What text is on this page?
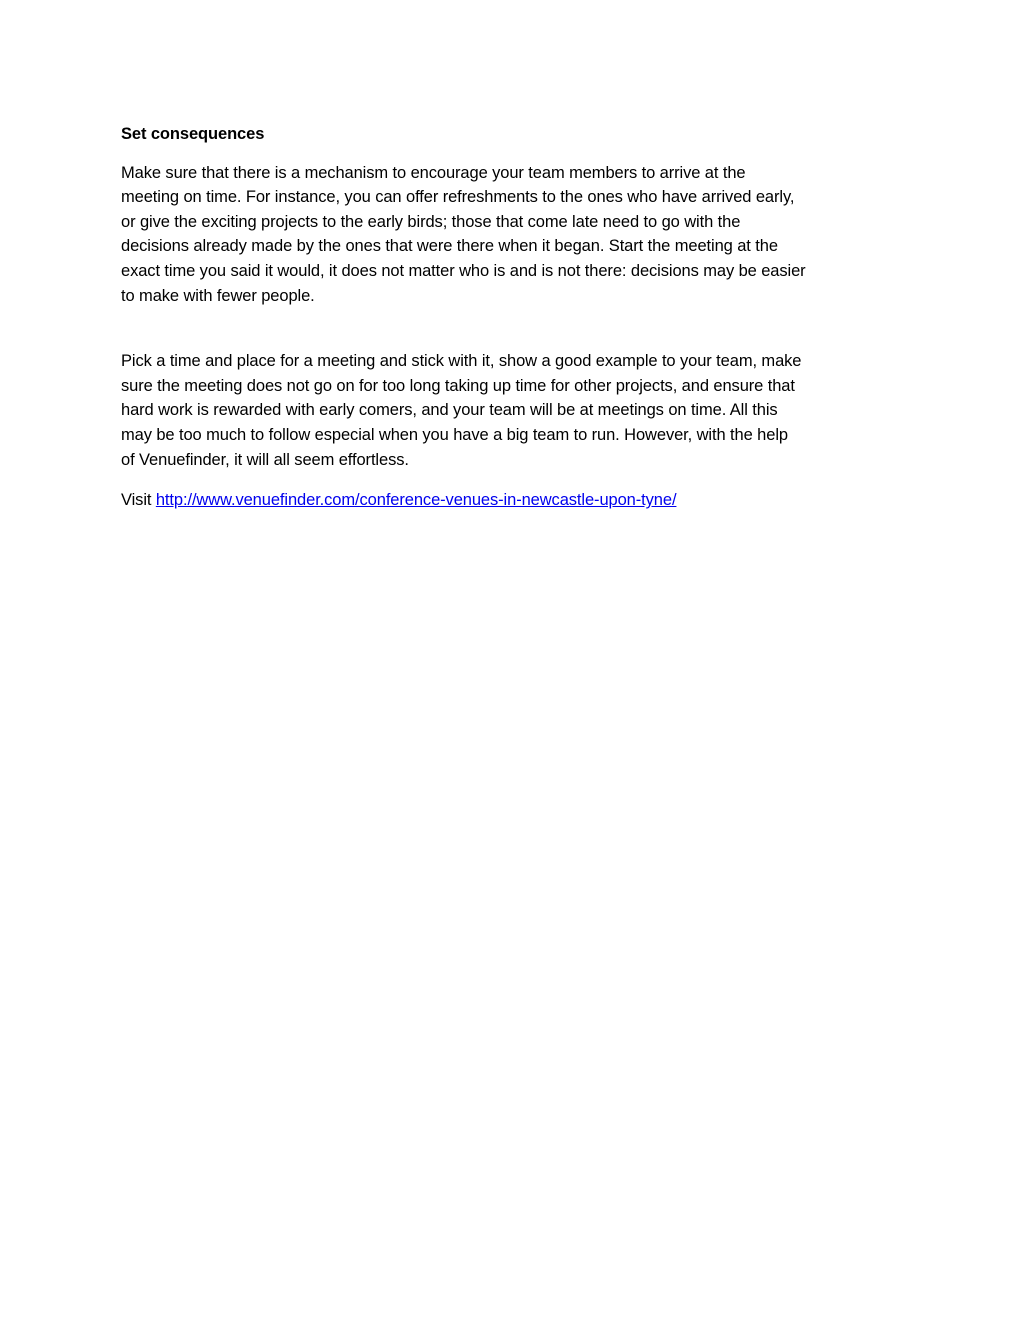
Set consequences
Make sure that there is a mechanism to encourage your team members to arrive at the
meeting on time. For instance, you can offer refreshments to the ones who have arrived early,
or give the exciting projects to the early birds; those that come late need to go with the
decisions already made by the ones that were there when it began. Start the meeting at the
exact time you said it would, it does not matter who is and is not there: decisions may be easier
to make with fewer people.
Pick a time and place for a meeting and stick with it, show a good example to your team, make
sure the meeting does not go on for too long taking up time for other projects, and ensure that
hard work is rewarded with early comers, and your team will be at meetings on time. All this
may be too much to follow especial when you have a big team to run. However, with the help
of Venuefinder, it will all seem effortless.
Visit http://www.venuefinder.com/conference-venues-in-newcastle-upon-tyne/
